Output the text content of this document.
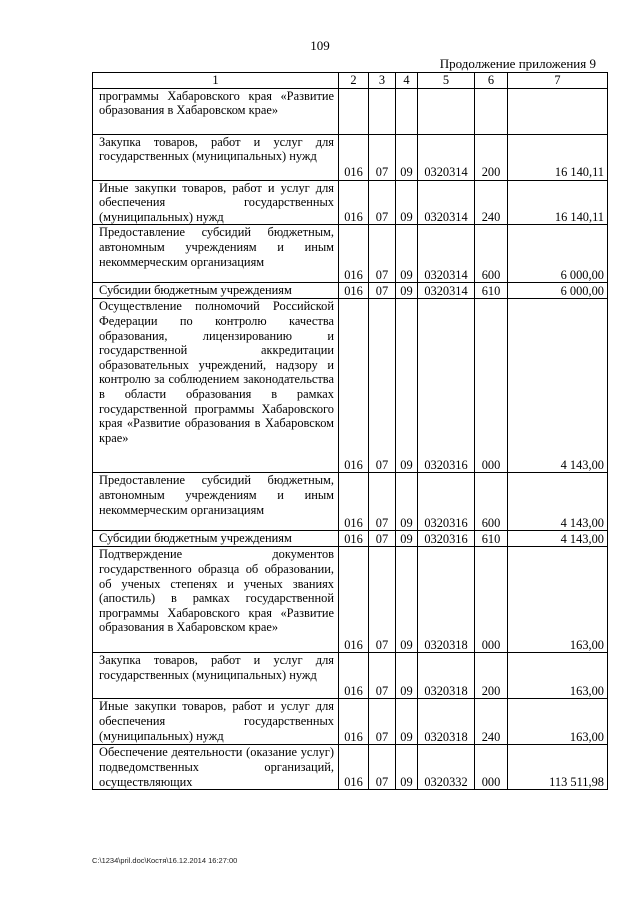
109
Продолжение приложения 9
1	2	3	4	5	6	7
программы Хабаровского края «Развитие образования в Хабаровском крае»						
Закупка товаров, работ и услуг для государственных (муниципальных) нужд	016	07	09	0320314	200	16 140,11
Иные закупки товаров, работ и услуг для обеспечения государственных (муниципальных) нужд	016	07	09	0320314	240	16 140,11
Предоставление субсидий бюджетным, автономным учреждениям и иным некоммерческим организациям	016	07	09	0320314	600	6 000,00
Субсидии бюджетным учреждениям	016	07	09	0320314	610	6 000,00
Осуществление полномочий Российской Федерации по контролю качества образования, лицензированию и государственной аккредитации образовательных учреждений, надзору и контролю за соблюдением законодательства в области образования в рамках государственной программы Хабаровского края «Развитие образования в Хабаровском крае»	016	07	09	0320316	000	4 143,00
Предоставление субсидий бюджетным, автономным учреждениям и иным некоммерческим организациям	016	07	09	0320316	600	4 143,00
Субсидии бюджетным учреждениям	016	07	09	0320316	610	4 143,00
Подтверждение документов государственного образца об образовании, об ученых степенях и ученых званиях (апостиль) в рамках государственной программы Хабаровского края «Развитие образования в Хабаровском крае»	016	07	09	0320318	000	163,00
Закупка товаров, работ и услуг для государственных (муниципальных) нужд	016	07	09	0320318	200	163,00
Иные закупки товаров, работ и услуг для обеспечения государственных (муниципальных) нужд	016	07	09	0320318	240	163,00
Обеспечение деятельности (оказание услуг) подведомственных организаций, осуществляющих	016	07	09	0320332	000	113 511,98
C:\1234\pril.doc\Костя\16.12.2014 16:27:00
